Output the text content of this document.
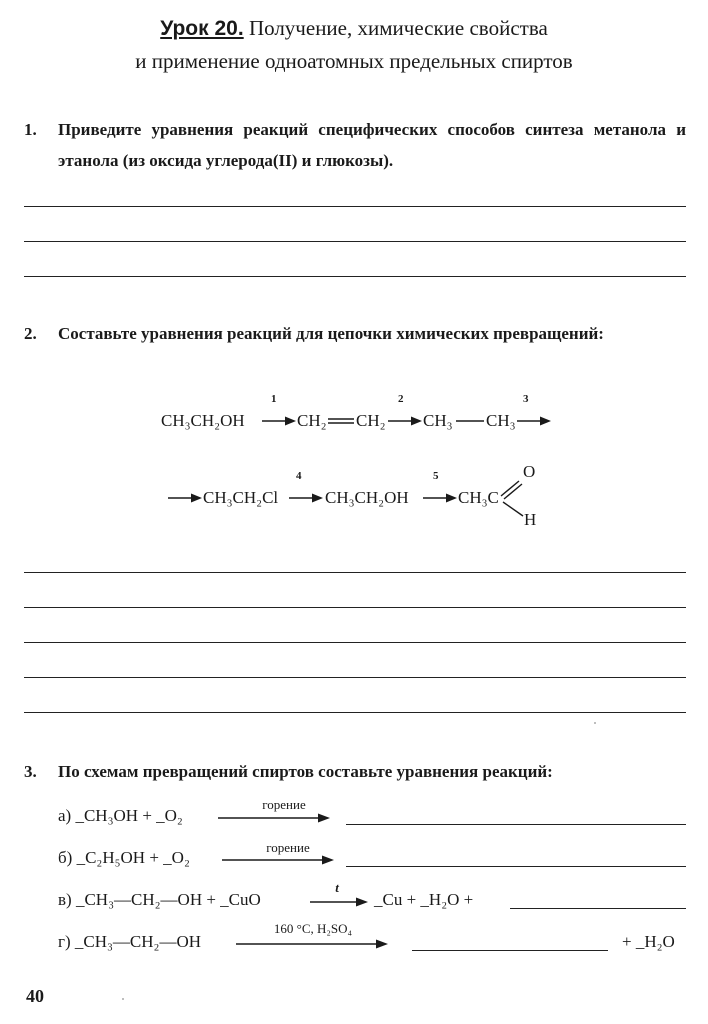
Урок 20. Получение, химические свойства
и применение одноатомных предельных спиртов
1. Приведите уравнения реакций специфических способов синтеза метанола и этанола (из оксида углерода(II) и глюкозы).
2. Составьте уравнения реакций для цепочки химических превращений:
1	2	3
CH₃CH₂OH	CH₂ CH₂ CH₃ CH₃
4	5
CH₃CH₂Cl	CH₃CH₂OH	CH₃C
O
H
3. По схемам превращений спиртов составьте уравнения реакций:
а) _CH₃OH + _O₂
горение
б) _C₂H₅OH + _O₂
горение
в) _CH₃—CH₂—OH + _CuO
t
_Cu + _H₂O +
г) _CH₃—CH₂—OH
160 °C, H₂SO₄
+ _H₂O
40
